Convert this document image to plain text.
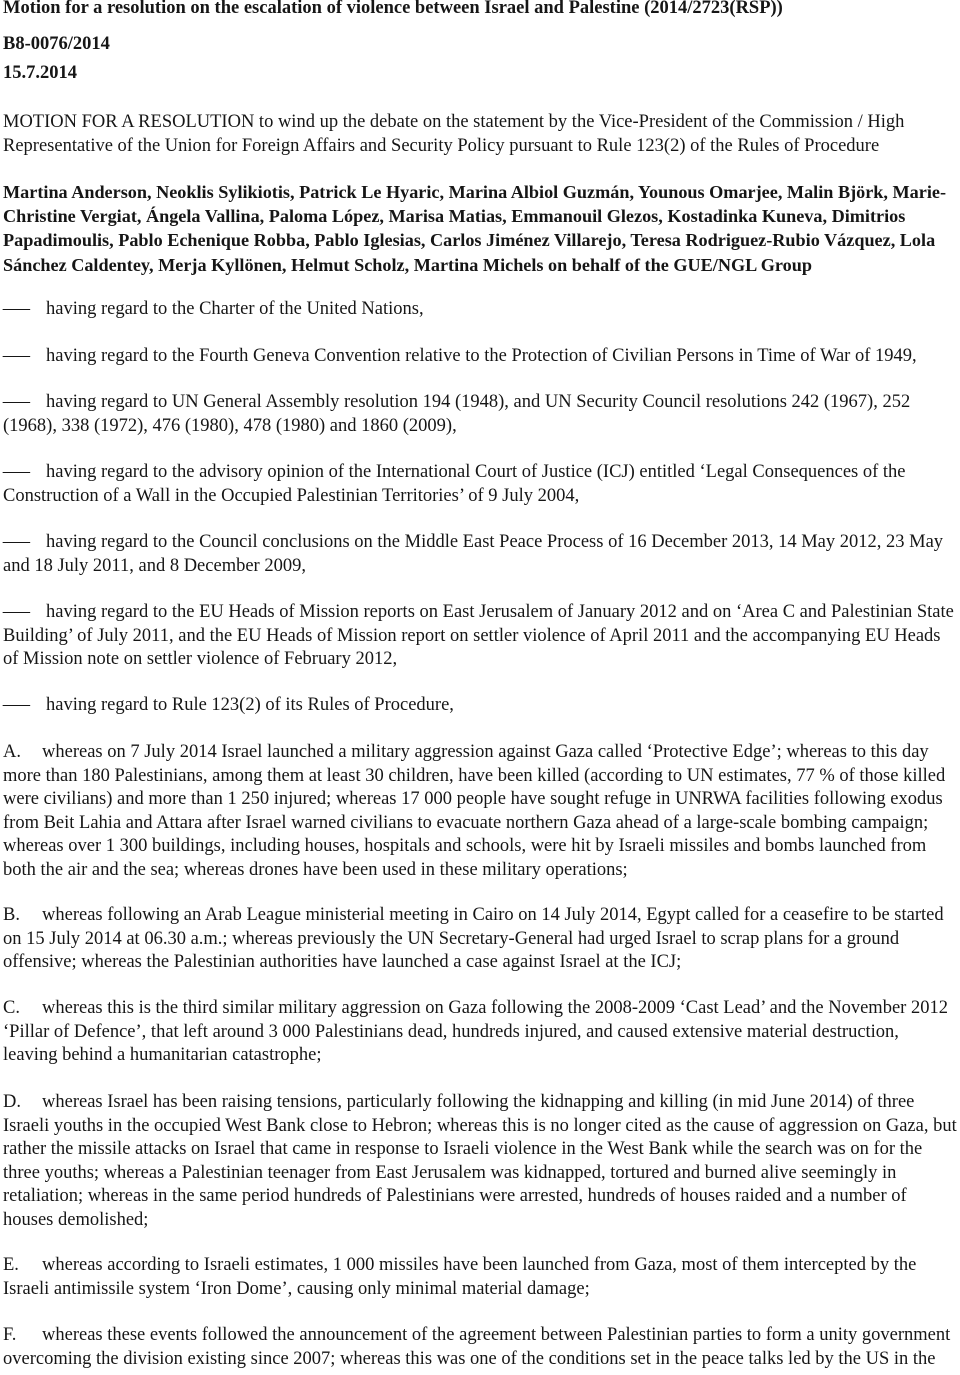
Motion for a resolution on the escalation of violence between Israel and Palestine (2014/2723(RSP))

B8-0076/2014

15.7.2014

MOTION FOR A RESOLUTION to wind up the debate on the statement by the Vice-President of the Commission / High Representative of the Union for Foreign Affairs and Security Policy pursuant to Rule 123(2) of the Rules of Procedure

Martina Anderson, Neoklis Sylikiotis, Patrick Le Hyaric, Marina Albiol Guzmán, Younous Omarjee, Malin Björk, Marie-Christine Vergiat, Ángela Vallina, Paloma López, Marisa Matias, Emmanouil Glezos, Kostadinka Kuneva, Dimitrios Papadimoulis, Pablo Echenique Robba, Pablo Iglesias, Carlos Jiménez Villarejo, Teresa Rodriguez-Rubio Vázquez, Lola Sánchez Caldentey, Merja Kyllönen, Helmut Scholz, Martina Michels on behalf of the GUE/NGL Group

– having regard to the Charter of the United Nations,

– having regard to the Fourth Geneva Convention relative to the Protection of Civilian Persons in Time of War of 1949,

– having regard to UN General Assembly resolution 194 (1948), and UN Security Council resolutions 242 (1967), 252 (1968), 338 (1972), 476 (1980), 478 (1980) and 1860 (2009),

– having regard to the advisory opinion of the International Court of Justice (ICJ) entitled ‘Legal Consequences of the Construction of a Wall in the Occupied Palestinian Territories’ of 9 July 2004,

– having regard to the Council conclusions on the Middle East Peace Process of 16 December 2013, 14 May 2012, 23 May and 18 July 2011, and 8 December 2009,

– having regard to the EU Heads of Mission reports on East Jerusalem of January 2012 and on ‘Area C and Palestinian State Building’ of July 2011, and the EU Heads of Mission report on settler violence of April 2011 and the accompanying EU Heads of Mission note on settler violence of February 2012,

– having regard to Rule 123(2) of its Rules of Procedure,

A. whereas on 7 July 2014 Israel launched a military aggression against Gaza called ‘Protective Edge’; whereas to this day more than 180 Palestinians, among them at least 30 children, have been killed (according to UN estimates, 77 % of those killed were civilians) and more than 1 250 injured; whereas 17 000 people have sought refuge in UNRWA facilities following exodus from Beit Lahia and Attara after Israel warned civilians to evacuate northern Gaza ahead of a large-scale bombing campaign; whereas over 1 300 buildings, including houses, hospitals and schools, were hit by Israeli missiles and bombs launched from both the air and the sea; whereas drones have been used in these military operations;

B. whereas following an Arab League ministerial meeting in Cairo on 14 July 2014, Egypt called for a ceasefire to be started on 15 July 2014 at 06.30 a.m.; whereas previously the UN Secretary-General had urged Israel to scrap plans for a ground offensive; whereas the Palestinian authorities have launched a case against Israel at the ICJ;

C. whereas this is the third similar military aggression on Gaza following the 2008-2009 ‘Cast Lead’ and the November 2012 ‘Pillar of Defence’, that left around 3 000 Palestinians dead, hundreds injured, and caused extensive material destruction, leaving behind a humanitarian catastrophe;

D. whereas Israel has been raising tensions, particularly following the kidnapping and killing (in mid June 2014) of three Israeli youths in the occupied West Bank close to Hebron; whereas this is no longer cited as the cause of aggression on Gaza, but rather the missile attacks on Israel that came in response to Israeli violence in the West Bank while the search was on for the three youths; whereas a Palestinian teenager from East Jerusalem was kidnapped, tortured and burned alive seemingly in retaliation; whereas in the same period hundreds of Palestinians were arrested, hundreds of houses raided and a number of houses demolished;

E. whereas according to Israeli estimates, 1 000 missiles have been launched from Gaza, most of them intercepted by the Israeli antimissile system ‘Iron Dome’, causing only minimal material damage;

F. whereas these events followed the announcement of the agreement between Palestinian parties to form a unity government overcoming the division existing since 2007; whereas this was one of the conditions set in the peace talks led by the US in the
